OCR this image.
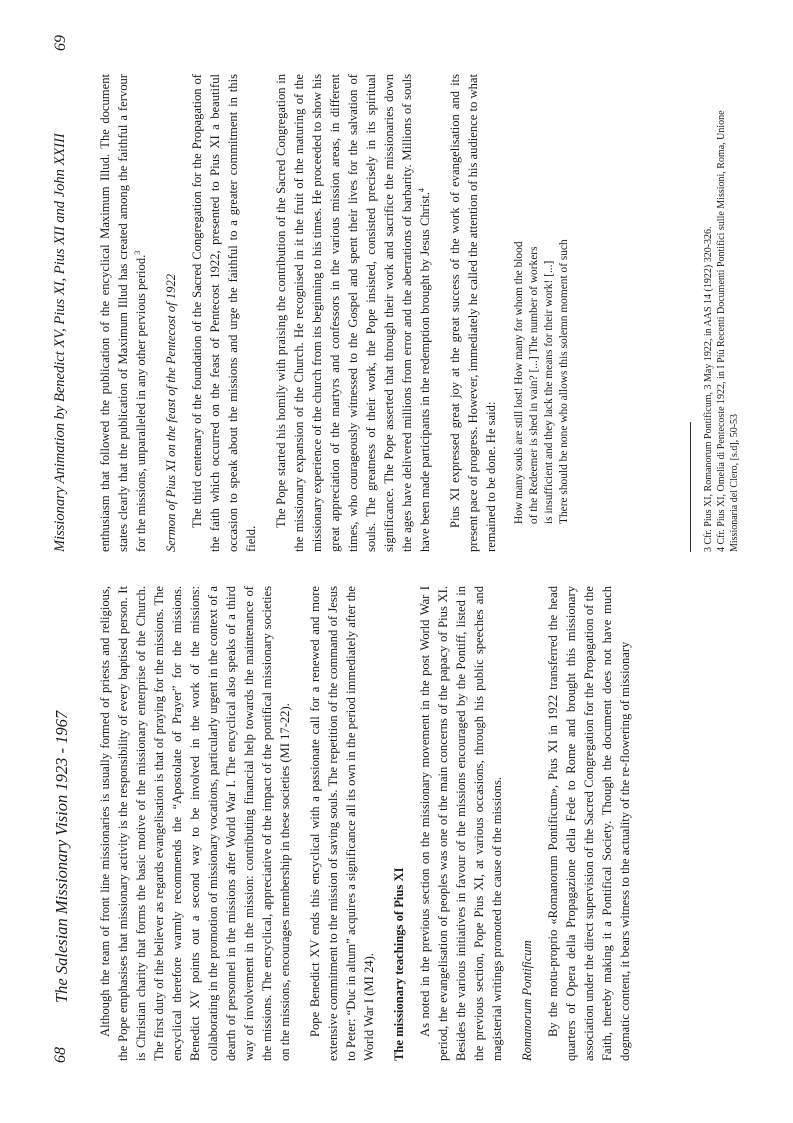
68
The Salesian Missionary Vision 1923 - 1967 Although the team of front line missionaries is usually formed of priests and religious, the Pope emphasises that missionary activity is the responsibility of every baptised person. It is Christian charity that forms the basic motive of the missionary enterprise of the Church. The first duty of the believer as regards evangelisation is that of praying for the missions. The encyclical therefore warmly recommends the “Apostolate of Prayer” for the missions. Benedict XV points out a second way to be involved in the work of the missions: collaborating in the promotion of missionary vocations, particularly urgent in the context of a dearth of personnel in the missions after World War I. The encyclical also speaks of a third way of involvement in the mission: contributing financial help towards the maintenance of the missions. The encyclical, appreciative of the impact of the pontifical missionary societies on the missions, encourages membership in these societies (MI 17-22). Pope Benedict XV ends this encyclical with a passionate call for a renewed and more extensive commitment to the mission of saving souls. The repetition of the command of Jesus to Peter: “Duc in altum” acquires a significance all its own in the period immediately after the World War I (MI 24). The missionary teachings of Pius XI As noted in the previous section on the missionary movement in the post World War I period, the evangelisation of peoples was one of the main concerns of the papacy of Pius XI. Besides the various initiatives in favour of the missions encouraged by the Pontiff, listed in the previous section, Pope Pius XI, at various occasions, through his public speeches and magisterial writings promoted the cause of the missions. Romanorum Pontificum By the motu-proprio «Romanorum Pontificum», Pius XI in 1922 transferred the head quarters of Opera della Propagazione della Fede to Rome and brought this missionary association under the direct supervision of the Sacred Congregation for the Propagation of the Faith, thereby making it a Pontifical Society. Though the document does not have much dogmatic content, it bears witness to the actuality of the re-flowering of missionary

Missionary Animation by Benedict XV, Pius XI, Pius XII and John XXIII
69

enthusiasm that followed the publication of the encyclical Maximum Illud. The document states clearly that the publication of Maximum Illud has created among the faithful a fervour for the missions, unparalleled in any other pervious period.$^3$

Sermon of Pius XI on the feast of the Pentecost of 1922 The third centenary of the foundation of the Sacred Congregation for the Propagation of the faith which occurred on the feast of Pentecost 1922, presented to Pius XI a beautiful occasion to speak about the missions and urge the faithful to a greater commitment in this field.

The Pope started his homily with praising the contribution of the Sacred Congregation in the missionary expansion of the Church. He recognised in it the fruit of the maturing of the missionary experience of the church from its beginning to his times. He proceeded to show his great appreciation of the martyrs and confessors in the various mission areas, in different times, who courageously witnessed to the Gospel and spent their lives for the salvation of souls. The greatness of their work, the Pope insisted, consisted precisely in its spiritual significance. The Pope asserted that through their work and sacrifice the missionaries down the ages have delivered millions from error and the aberrations of barbarity. Millions of souls have been made participants in the redemption brought by Jesus Christ.$^4$	Pius XI expressed great joy at the great success of the work of evangelisation and its present pace of progress. However, immediately he called the attention of his audience to what remained to be done. He said: How many souls are still lost! How many for whom the blood of the Redeemer is shed in vain? [...] The number of workers is insufficient and they lack the means for their work! [...] There should be none who allows this solemn moment of such	3 Cfr. Pius XI, Romanorum Pontificum, 3 May 1922, in AAS 14 (1922) 320-326. 4 Cfr. Pius XI, Omelia di Pentecoste 1922, in I Più Recenti Documenti Pontifici sulle Missioni, Roma, Unione Missionaria del Clero, [s.d], 50-53
